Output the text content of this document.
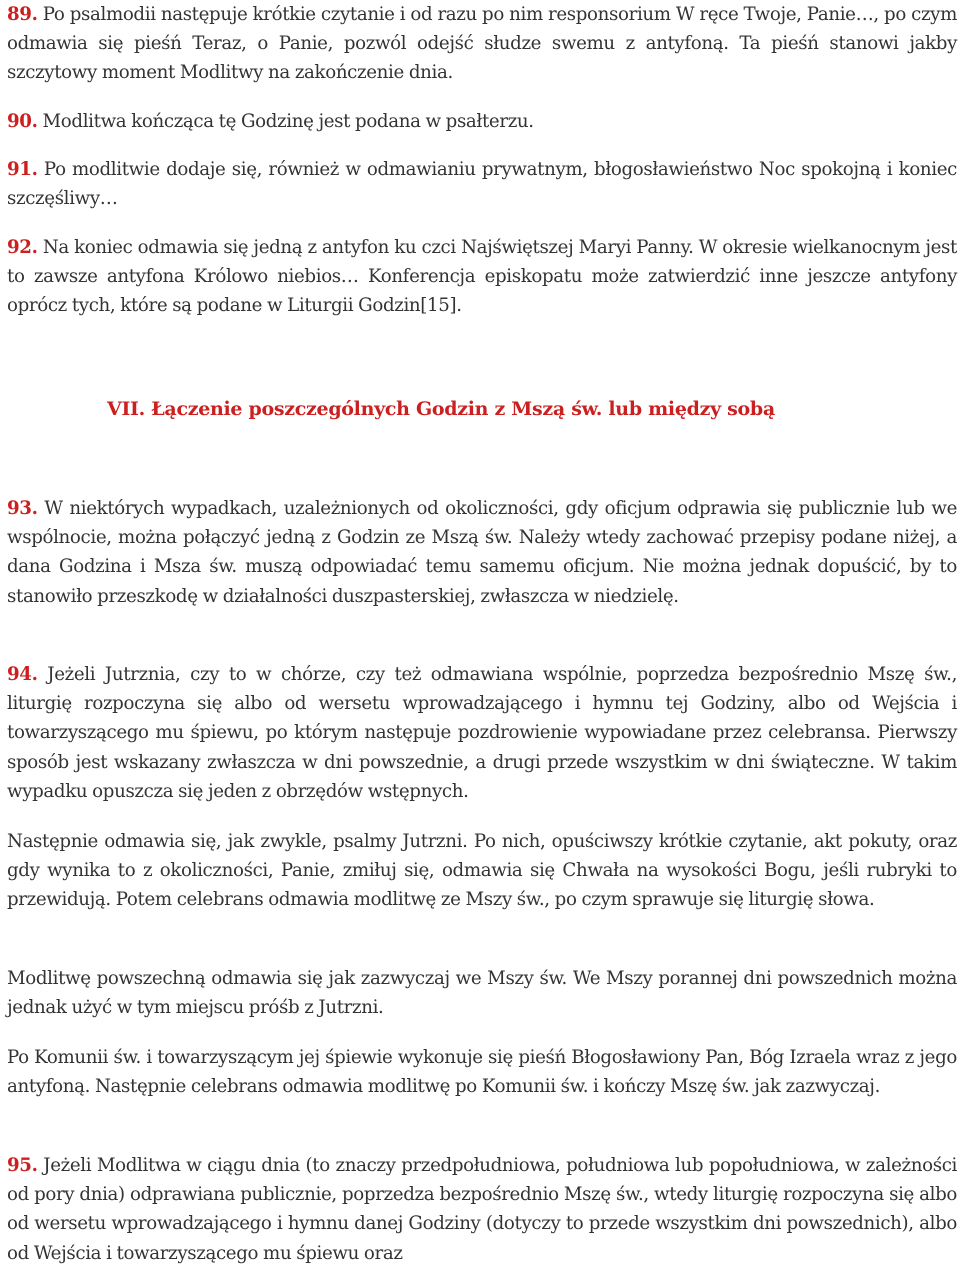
89. Po psalmodii następuje krótkie czytanie i od razu po nim responsorium W ręce Twoje, Panie…, po czym odmawia się pieśń Teraz, o Panie, pozwól odejść słudze swemu z antyfoną. Ta pieśń stanowi jakby szczytowy moment Modlitwy na zakończenie dnia.

90. Modlitwa kończąca tę Godzinę jest podana w psałterzu.

91. Po modlitwie dodaje się, również w odmawianiu prywatnym, błogosławieństwo Noc spokojną i koniec szczęśliwy…

92. Na koniec odmawia się jedną z antyfon ku czci Najświętszej Maryi Panny. W okresie wielkanocnym jest to zawsze antyfona Królowo niebios… Konferencja episkopatu może zatwierdzić inne jeszcze antyfony oprócz tych, które są podane w Liturgii Godzin[15].

VII. Łączenie poszczególnych Godzin z Mszą św. lub między sobą

93. W niektórych wypadkach, uzależnionych od okoliczności, gdy oficjum odprawia się publicznie lub we wspólnocie, można połączyć jedną z Godzin ze Mszą św. Należy wtedy zachować przepisy podane niżej, a dana Godzina i Msza św. muszą odpowiadać temu samemu oficjum. Nie można jednak dopuścić, by to stanowiło przeszkodę w działalności duszpasterskiej, zwłaszcza w niedzielę.

94. Jeżeli Jutrznia, czy to w chórze, czy też odmawiana wspólnie, poprzedza bezpośrednio Mszę św., liturgię rozpoczyna się albo od wersetu wprowadzającego i hymnu tej Godziny, albo od Wejścia i towarzyszącego mu śpiewu, po którym następuje pozdrowienie wypowiadane przez celebransa. Pierwszy sposób jest wskazany zwłaszcza w dni powszednie, a drugi przede wszystkim w dni świąteczne. W takim wypadku opuszcza się jeden z obrzędów wstępnych.

Następnie odmawia się, jak zwykle, psalmy Jutrzni. Po nich, opuściwszy krótkie czytanie, akt pokuty, oraz gdy wynika to z okoliczności, Panie, zmiłuj się, odmawia się Chwała na wysokości Bogu, jeśli rubryki to przewidują. Potem celebrans odmawia modlitwę ze Mszy św., po czym sprawuje się liturgię słowa.

Modlitwę powszechną odmawia się jak zazwyczaj we Mszy św. We Mszy porannej dni powszednich można jednak użyć w tym miejscu próśb z Jutrzni.

Po Komunii św. i towarzyszącym jej śpiewie wykonuje się pieśń Błogosławiony Pan, Bóg Izraela wraz z jego antyfoną. Następnie celebrans odmawia modlitwę po Komunii św. i kończy Mszę św. jak zazwyczaj.

95. Jeżeli Modlitwa w ciągu dnia (to znaczy przedpołudniowa, południowa lub popołudniowa, w zależności od pory dnia) odprawiana publicznie, poprzedza bezpośrednio Mszę św., wtedy liturgię rozpoczyna się albo od wersetu wprowadzającego i hymnu danej Godziny (dotyczy to przede wszystkim dni powszednich), albo od Wejścia i towarzyszącego mu śpiewu oraz
